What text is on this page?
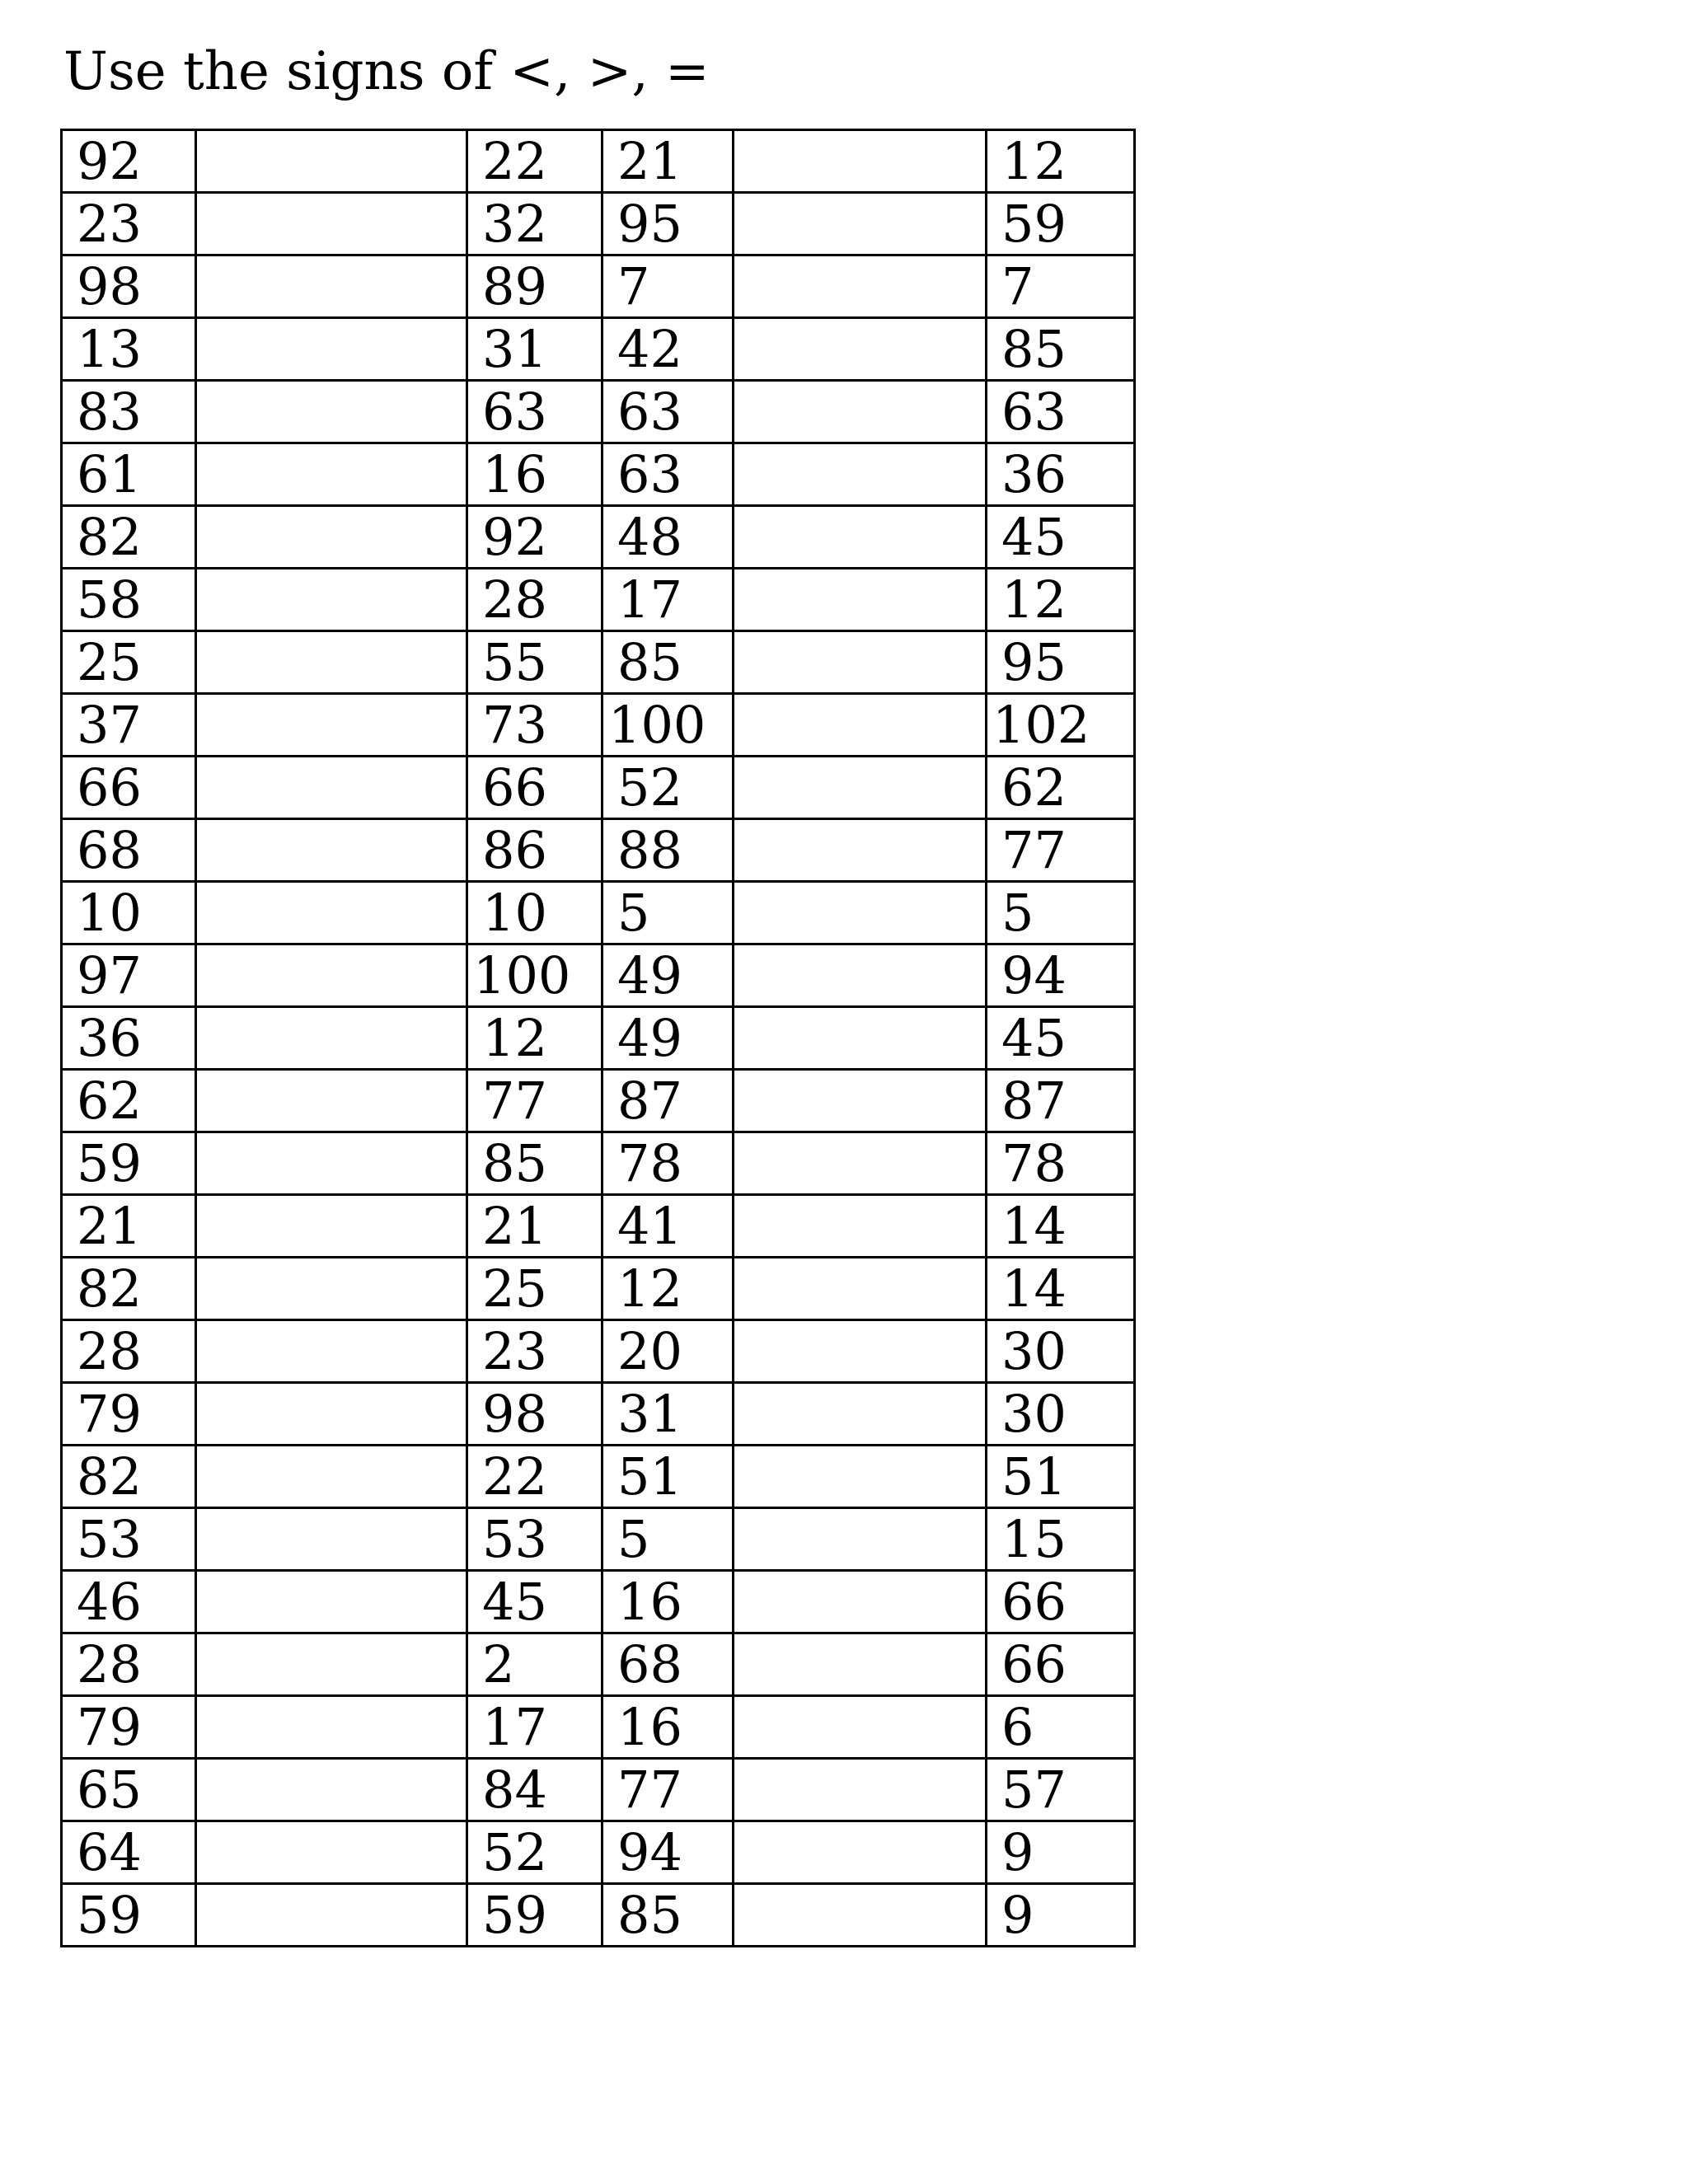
Use the signs of <, >, =
92		22	21		12
23		32	95		59
98		89	7		7
13		31	42		85
83		63	63		63
61		16	63		36
82		92	48		45
58		28	17		12
25		55	85		95
37		73	100		102
66		66	52		62
68		86	88		77
10		10	5		5
97		100	49		94
36		12	49		45
62		77	87		87
59		85	78		78
21		21	41		14
82		25	12		14
28		23	20		30
79		98	31		30
82		22	51		51
53		53	5		15
46		45	16		66
28		2	68		66
79		17	16		6
65		84	77		57
64		52	94		9
59		59	85		9
